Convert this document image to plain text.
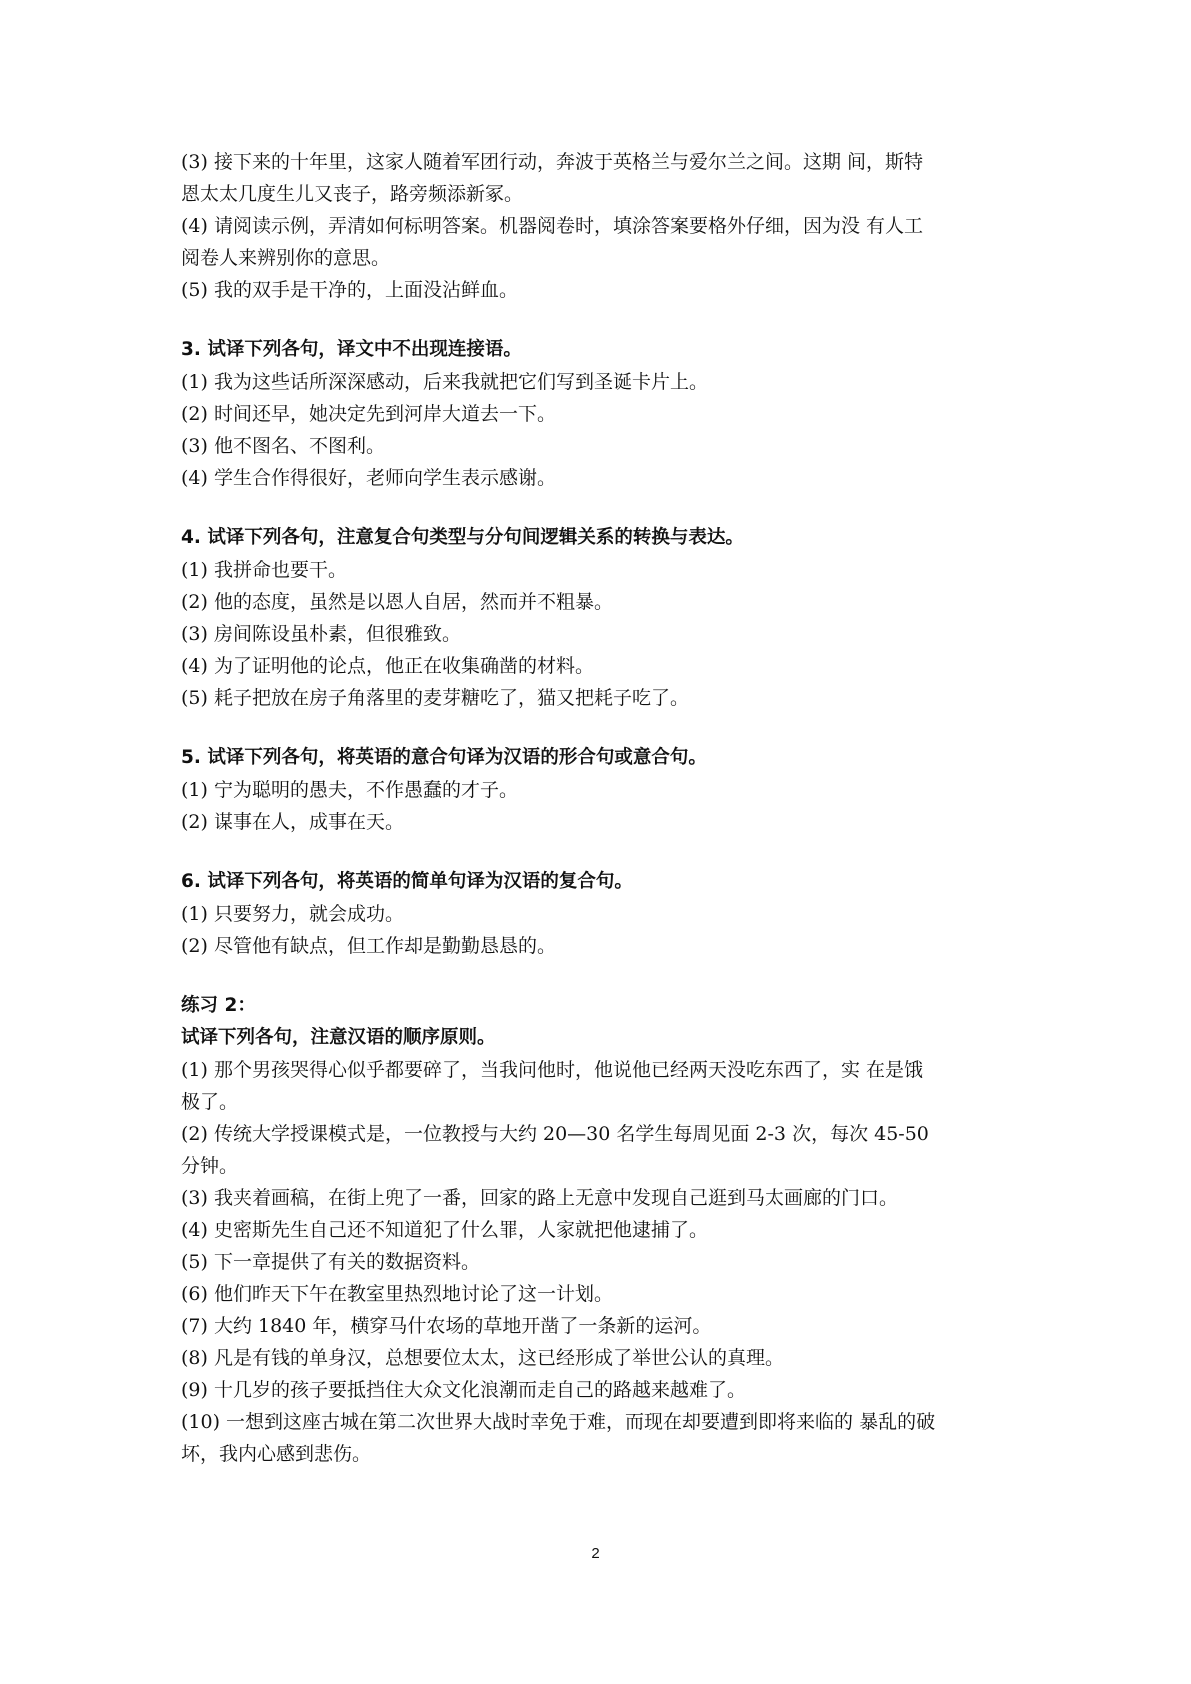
(3) 接下来的十年里，这家人随着军团行动，奔波于英格兰与爱尔兰之间。这期 间，斯特
恩太太几度生儿又丧子，路旁频添新冢。
(4) 请阅读示例，弄清如何标明答案。机器阅卷时，填涂答案要格外仔细，因为没 有人工
阅卷人来辨别你的意思。
(5) 我的双手是干净的，上面没沾鲜血。
3. 试译下列各句，译文中不出现连接语。
(1) 我为这些话所深深感动，后来我就把它们写到圣诞卡片上。
(2) 时间还早，她决定先到河岸大道去一下。
(3) 他不图名、不图利。
(4) 学生合作得很好，老师向学生表示感谢。
4. 试译下列各句，注意复合句类型与分句间逻辑关系的转换与表达。
(1) 我拼命也要干。
(2) 他的态度，虽然是以恩人自居，然而并不粗暴。
(3) 房间陈设虽朴素，但很雅致。
(4) 为了证明他的论点，他正在收集确凿的材料。
(5) 耗子把放在房子角落里的麦芽糖吃了，猫又把耗子吃了。
5. 试译下列各句，将英语的意合句译为汉语的形合句或意合句。
(1) 宁为聪明的愚夫，不作愚蠢的才子。
(2) 谋事在人，成事在天。
6. 试译下列各句，将英语的简单句译为汉语的复合句。
(1) 只要努力，就会成功。
(2) 尽管他有缺点，但工作却是勤勤恳恳的。
练习 2：
试译下列各句，注意汉语的顺序原则。
(1) 那个男孩哭得心似乎都要碎了，当我问他时，他说他已经两天没吃东西了，实 在是饿
极了。
(2) 传统大学授课模式是，一位教授与大约 20—30 名学生每周见面 2-3 次，每次 45-50
分钟。
(3) 我夹着画稿，在街上兜了一番，回家的路上无意中发现自己逛到马太画廊的门口。
(4) 史密斯先生自己还不知道犯了什么罪，人家就把他逮捕了。
(5) 下一章提供了有关的数据资料。
(6) 他们昨天下午在教室里热烈地讨论了这一计划。
(7) 大约 1840 年，横穿马什农场的草地开凿了一条新的运河。
(8) 凡是有钱的单身汉，总想要位太太，这已经形成了举世公认的真理。
(9) 十几岁的孩子要抵挡住大众文化浪潮而走自己的路越来越难了。
(10) 一想到这座古城在第二次世界大战时幸免于难，而现在却要遭到即将来临的 暴乱的破
坏，我内心感到悲伤。
2
